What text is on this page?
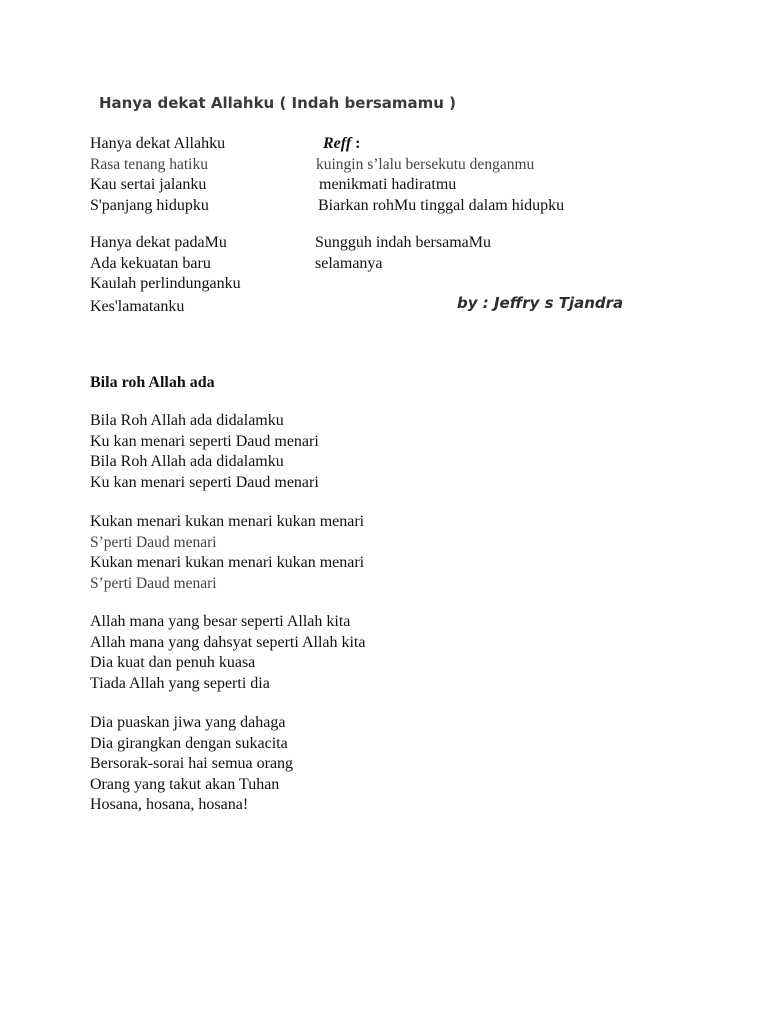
Hanya dekat Allahku ( Indah bersamamu )
Hanya dekat Allahku
Rasa tenang hatiku
Kau sertai jalanku
S'panjang hidupku
Hanya dekat padaMu
Ada kekuatan baru
Kaulah perlindunganku
Kes'lamatanku
Reff :
kuingin s’lalu bersekutu denganmu
menikmati hadiratmu
Biarkan rohMu tinggal dalam hidupku
Sungguh indah bersamaMu
selamanya
by : Jeffry s Tjandra
Bila roh Allah ada
Bila Roh Allah ada didalamku
Ku kan menari seperti Daud menari
Bila Roh Allah ada didalamku
Ku kan menari seperti Daud menari
Kukan menari kukan menari kukan menari
S’perti Daud menari
Kukan menari kukan menari kukan menari
S’perti Daud menari
Allah mana yang besar seperti Allah kita
Allah mana yang dahsyat seperti Allah kita
Dia kuat dan penuh kuasa
Tiada Allah yang seperti dia
Dia puaskan jiwa yang dahaga
Dia girangkan dengan sukacita
Bersorak-sorai hai semua orang
Orang yang takut akan Tuhan
Hosana, hosana, hosana!
